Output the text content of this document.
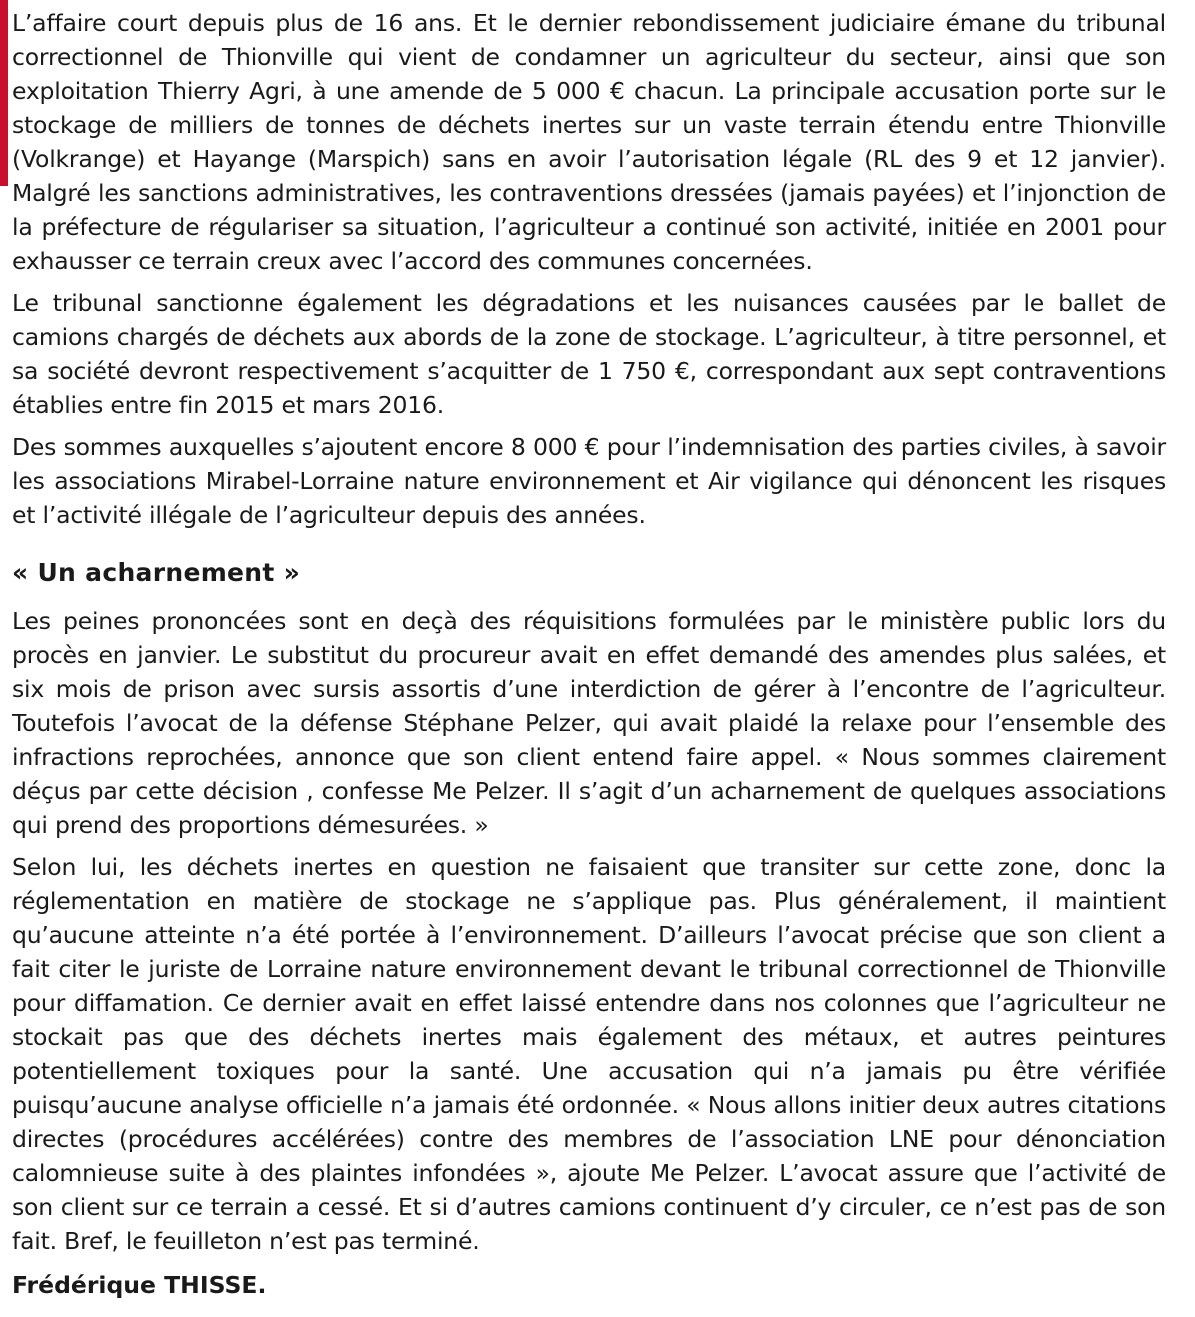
L’affaire court depuis plus de 16 ans. Et le dernier rebondissement judiciaire émane du tribunal correctionnel de Thionville qui vient de condamner un agriculteur du secteur, ainsi que son exploitation Thierry Agri, à une amende de 5 000 € chacun. La principale accusation porte sur le stockage de milliers de tonnes de déchets inertes sur un vaste terrain étendu entre Thionville (Volkrange) et Hayange (Marspich) sans en avoir l’autorisation légale (RL des 9 et 12 janvier). Malgré les sanctions administratives, les contraventions dressées (jamais payées) et l’injonction de la préfecture de régulariser sa situation, l’agriculteur a continué son activité, initiée en 2001 pour exhausser ce terrain creux avec l’accord des communes concernées.

Le tribunal sanctionne également les dégradations et les nuisances causées par le ballet de camions chargés de déchets aux abords de la zone de stockage. L’agriculteur, à titre personnel, et sa société devront respectivement s’acquitter de 1 750 €, correspondant aux sept contraventions établies entre fin 2015 et mars 2016.

Des sommes auxquelles s’ajoutent encore 8 000 € pour l’indemnisation des parties civiles, à savoir les associations Mirabel-Lorraine nature environnement et Air vigilance qui dénoncent les risques et l’activité illégale de l’agriculteur depuis des années.

« Un acharnement »

Les peines prononcées sont en deçà des réquisitions formulées par le ministère public lors du procès en janvier. Le substitut du procureur avait en effet demandé des amendes plus salées, et six mois de prison avec sursis assortis d’une interdiction de gérer à l’encontre de l’agriculteur. Toutefois l’avocat de la défense Stéphane Pelzer, qui avait plaidé la relaxe pour l’ensemble des infractions reprochées, annonce que son client entend faire appel. « Nous sommes clairement déçus par cette décision , confesse Me Pelzer. Il s’agit d’un acharnement de quelques associations qui prend des proportions démesurées. »

Selon lui, les déchets inertes en question ne faisaient que transiter sur cette zone, donc la réglementation en matière de stockage ne s’applique pas. Plus généralement, il maintient qu’aucune atteinte n’a été portée à l’environnement. D’ailleurs l’avocat précise que son client a fait citer le juriste de Lorraine nature environnement devant le tribunal correctionnel de Thionville pour diffamation. Ce dernier avait en effet laissé entendre dans nos colonnes que l’agriculteur ne stockait pas que des déchets inertes mais également des métaux, et autres peintures potentiellement toxiques pour la santé. Une accusation qui n’a jamais pu être vérifiée puisqu’aucune analyse officielle n’a jamais été ordonnée. « Nous allons initier deux autres citations directes (procédures accélérées) contre des membres de l’association LNE pour dénonciation calomnieuse suite à des plaintes infondées », ajoute Me Pelzer. L’avocat assure que l’activité de son client sur ce terrain a cessé. Et si d’autres camions continuent d’y circuler, ce n’est pas de son fait. Bref, le feuilleton n’est pas terminé.

Frédérique THISSE.
